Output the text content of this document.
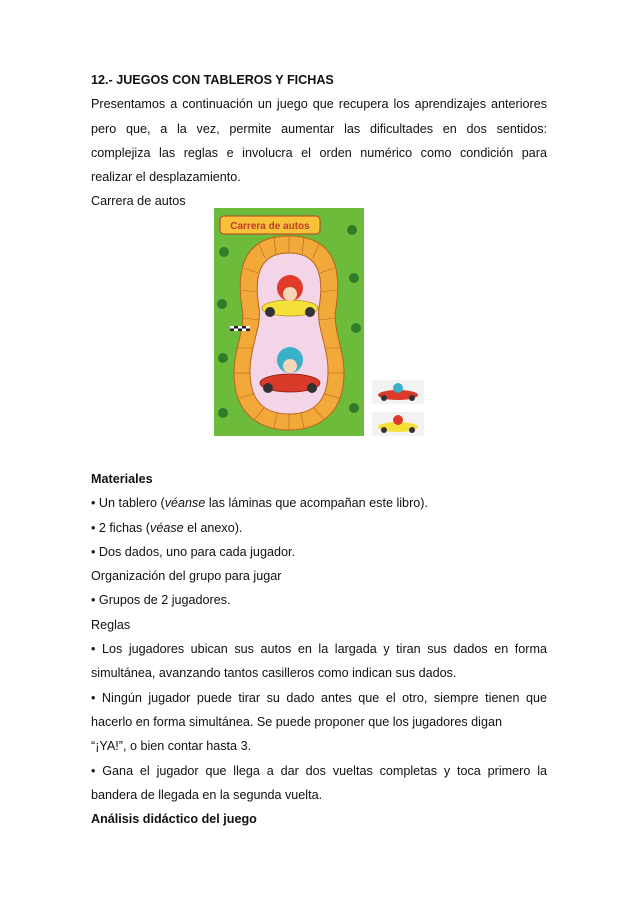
12.- JUEGOS CON TABLEROS Y FICHAS

Presentamos a continuación un juego que recupera los aprendizajes anteriores

pero que, a la vez, permite aumentar las dificultades en dos sentidos:

complejiza las reglas e involucra el orden numérico como condición para

realizar el desplazamiento.

Carrera de autos

Carrera de autos

Materiales

• Un tablero (véanse las láminas que acompañan este libro).

• 2 fichas (véase el anexo).

• Dos dados, uno para cada jugador.

Organización del grupo para jugar

• Grupos de 2 jugadores.

Reglas

• Los jugadores ubican sus autos en la largada y tiran sus dados en forma

simultánea, avanzando tantos casilleros como indican sus dados.

• Ningún jugador puede tirar su dado antes que el otro, siempre tienen que

hacerlo en forma simultánea. Se puede proponer que los jugadores digan

“¡YA!”, o bien contar hasta 3.

• Gana el jugador que llega a dar dos vueltas completas y toca primero la

bandera de llegada en la segunda vuelta.

Análisis didáctico del juego
